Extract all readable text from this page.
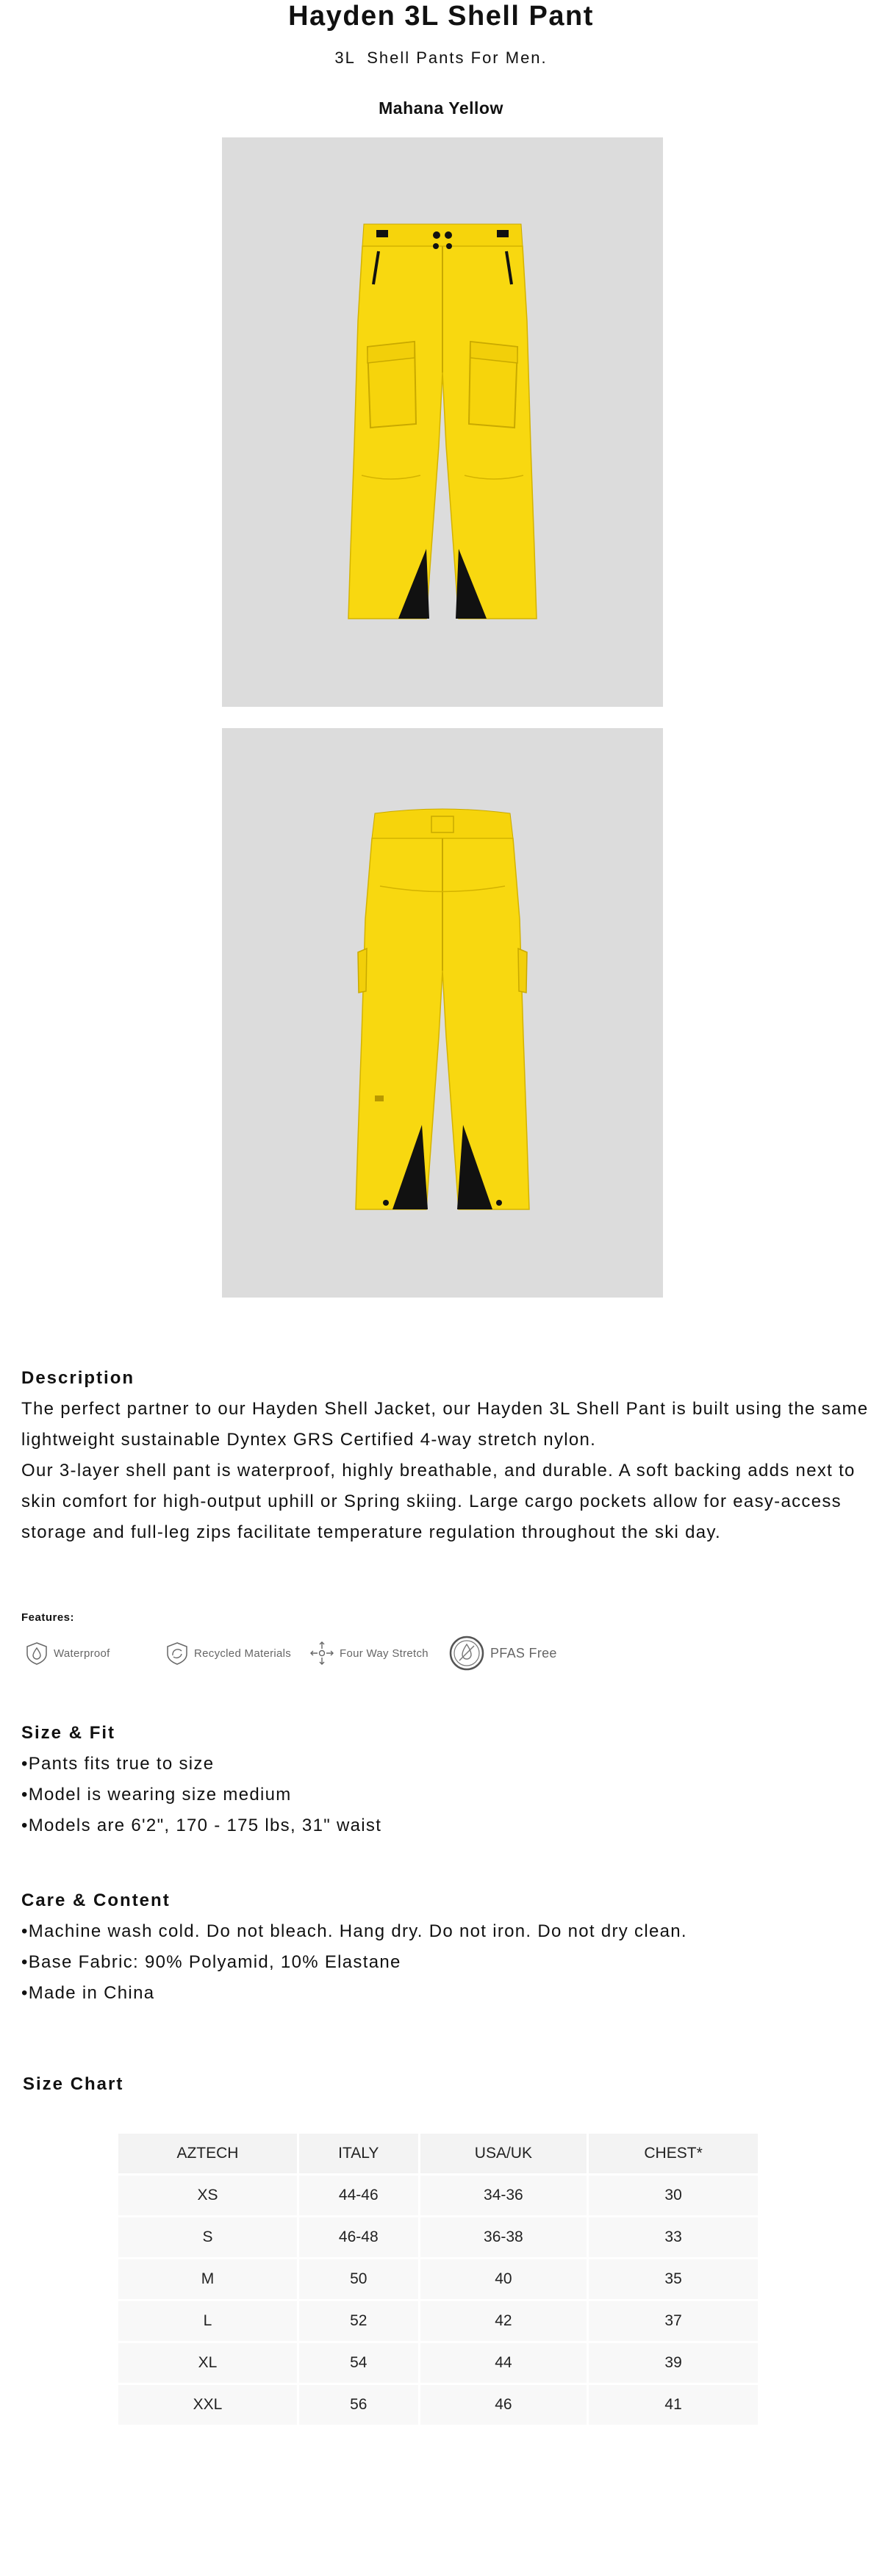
Hayden 3L Shell Pant
3L  Shell Pants For Men.
Mahana Yellow
Description

The perfect partner to our Hayden Shell Jacket, our Hayden 3L Shell Pant is built using the same lightweight sustainable Dyntex GRS Certified 4-way stretch nylon.

Our 3-layer shell pant is waterproof, highly breathable, and durable. A soft backing adds next to skin comfort for high-output uphill or Spring skiing. Large cargo pockets allow for easy-access storage and full-leg zips facilitate temperature regulation throughout the ski day.

Features:
Waterproof	Recycled Materials	Four Way Stretch	PFAS Free
Size & Fit

•Pants fits true to size

•Model is wearing size medium

•Models are 6'2", 170 - 175 lbs, 31" waist

Care & Content

•Machine wash cold. Do not bleach. Hang dry. Do not iron. Do not dry clean.

•Base Fabric: 90% Polyamid, 10% Elastane

•Made in China

Size Chart
AZTECH	ITALY	USA/UK	CHEST*
XS	44-46	34-36	30
S	46-48	36-38	33
M	50	40	35
L	52	42	37
XL	54	44	39
XXL	56	46	41
